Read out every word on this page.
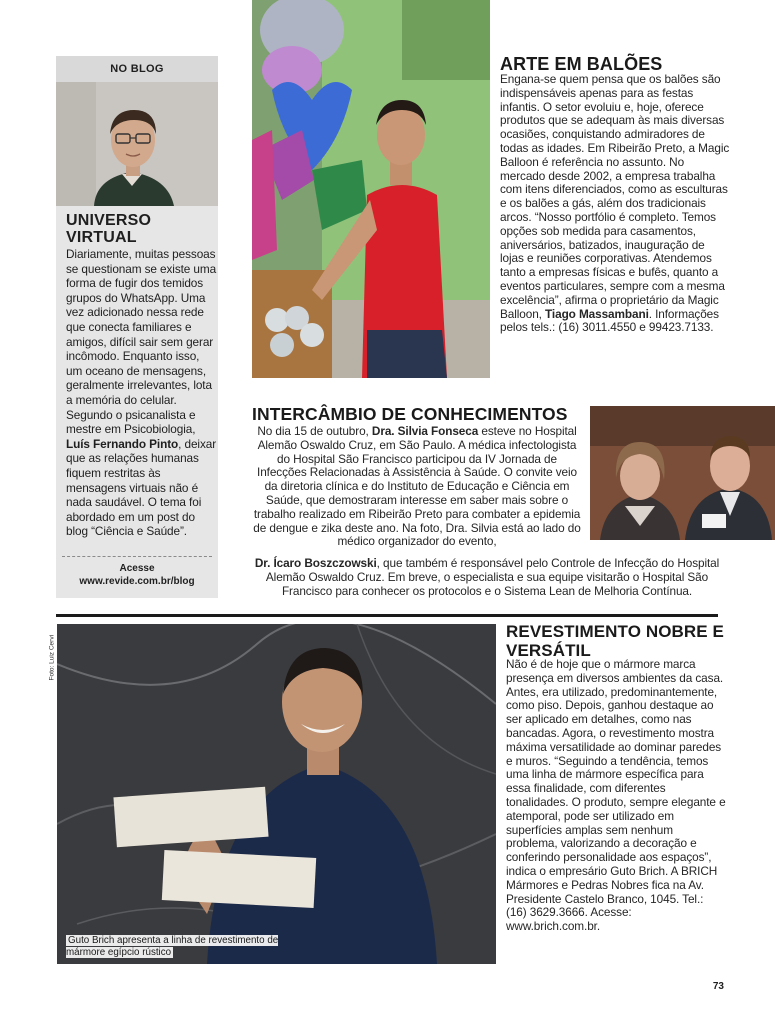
NO BLOG
UNIVERSO VIRTUAL
Diariamente, muitas pessoas se questionam se existe uma forma de fugir dos temidos grupos do WhatsApp. Uma vez adicionado nessa rede que conecta familiares e amigos, difícil sair sem gerar incômodo. Enquanto isso, um oceano de mensagens, geralmente irrelevantes, lota a memória do celular. Segundo o psicanalista e mestre em Psicobiologia, Luís Fernando Pinto, deixar que as relações humanas fiquem restritas às mensagens virtuais não é nada saudável. O tema foi abordado em um post do blog “Ciência e Saúde”.
Acesse
www.revide.com.br/blog
ARTE EM BALÕES
Engana-se quem pensa que os balões são indispensáveis apenas para as festas infantis. O setor evoluiu e, hoje, oferece produtos que se adequam às mais diversas ocasiões, conquistando admiradores de todas as idades. Em Ribeirão Preto, a Magic Balloon é referência no assunto. No mercado desde 2002, a empresa trabalha com itens diferenciados, como as esculturas e os balões a gás, além dos tradicionais arcos. “Nosso portfólio é completo. Temos opções sob medida para casamentos, aniversários, batizados, inauguração de lojas e reuniões corporativas. Atendemos tanto a empresas físicas e bufês, quanto a eventos particulares, sempre com a mesma excelência”, afirma o proprietário da Magic Balloon, Tiago Massambani. Informações pelos tels.: (16) 3011.4550 e 99423.7133.
INTERCÂMBIO DE CONHECIMENTOS
No dia 15 de outubro, Dra. Silvia Fonseca esteve no Hospital Alemão Oswaldo Cruz, em São Paulo. A médica infectologista do Hospital São Francisco participou da IV Jornada de Infecções Relacionadas à Assistência à Saúde. O convite veio da diretoria clínica e do Instituto de Educação e Ciência em Saúde, que demostraram interesse em saber mais sobre o trabalho realizado em Ribeirão Preto para combater a epidemia de dengue e zika deste ano. Na foto, Dra. Silvia está ao lado do médico organizador do evento,
Dr. Ícaro Boszczowski, que também é responsável pelo Controle de Infecção do Hospital Alemão Oswaldo Cruz. Em breve, o especialista e sua equipe visitarão o Hospital São Francisco para conhecer os protocolos e o Sistema Lean de Melhoria Contínua.
Foto: Luiz Cervi
Guto Brich apresenta a linha de revestimento de mármore egípcio rústico
REVESTIMENTO NOBRE E VERSÁTIL
Não é de hoje que o mármore marca presença em diversos ambientes da casa. Antes, era utilizado, predominantemente, como piso. Depois, ganhou destaque ao ser aplicado em detalhes, como nas bancadas. Agora, o revestimento mostra máxima versatilidade ao dominar paredes e muros. “Seguindo a tendência, temos uma linha de mármore específica para essa finalidade, com diferentes tonalidades. O produto, sempre elegante e atemporal, pode ser utilizado em superfícies amplas sem nenhum problema, valorizando a decoração e conferindo personalidade aos espaços”, indica o empresário Guto Brich. A BRICH Mármores e Pedras Nobres fica na Av. Presidente Castelo Branco, 1045. Tel.: (16) 3629.3666. Acesse: www.brich.com.br.
73
